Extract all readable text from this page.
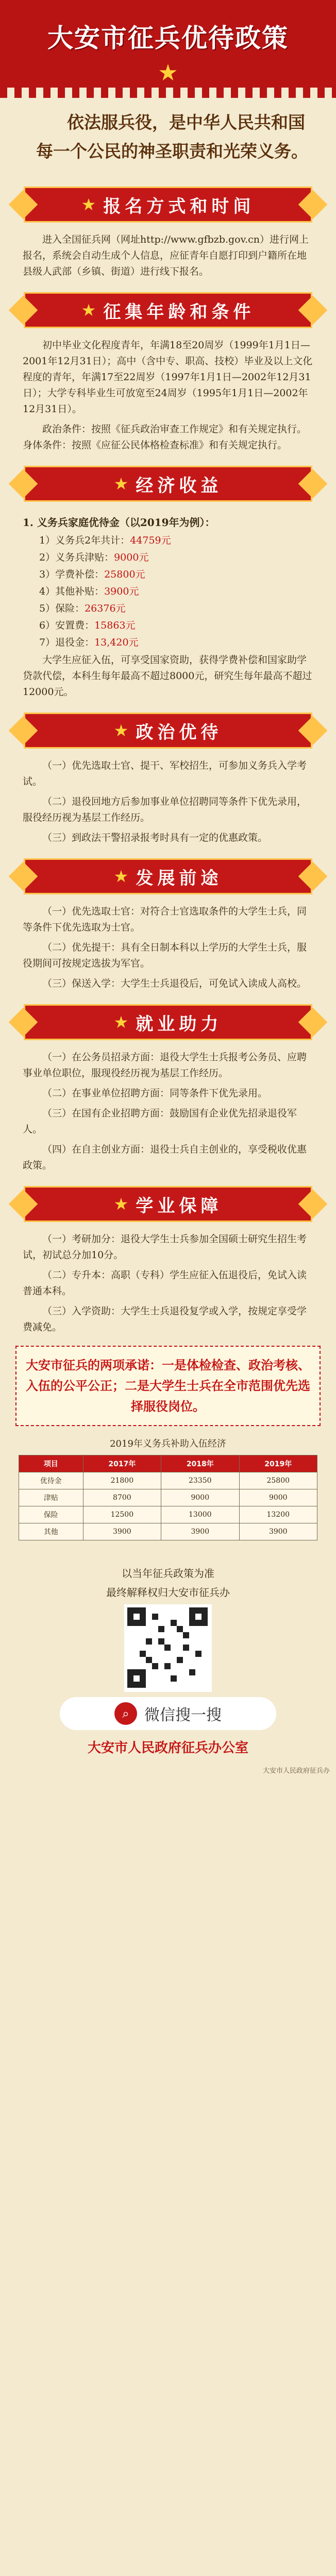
大安市征兵优待政策
★
依法服兵役，是中华人民共和国每一个公民的神圣职责和光荣义务。
★ 报名方式和时间

进入全国征兵网（网址http://www.gfbzb.gov.cn）进行网上报名，系统会自动生成个人信息，应征青年自愿打印到户籍所在地县级人武部（乡镇、街道）进行线下报名。

★ 征集年龄和条件

初中毕业文化程度青年，年满18至20周岁（1999年1月1日—2001年12月31日）；高中（含中专、职高、技校）毕业及以上文化程度的青年，年满17至22周岁（1997年1月1日—2002年12月31日）；大学专科毕业生可放宽至24周岁（1995年1月1日—2002年12月31日）。

政治条件：按照《征兵政治审查工作规定》和有关规定执行。身体条件：按照《应征公民体格检查标准》和有关规定执行。

★ 经济收益
1. 义务兵家庭优待金（以2019年为例）：
1）义务兵2年共计：44759元
2）义务兵津贴：9000元
3）学费补偿：25800元
4）其他补贴：3900元
5）保险：26376元
6）安置费：15863元
7）退役金：13,420元

大学生应征入伍，可享受国家资助，获得学费补偿和国家助学贷款代偿，本科生每年最高不超过8000元，研究生每年最高不超过12000元。

★ 政治优待

（一）优先选取士官、提干、军校招生，可参加义务兵入学考试。

（二）退役回地方后参加事业单位招聘同等条件下优先录用，服役经历视为基层工作经历。

（三）到政法干警招录报考时具有一定的优惠政策。

★ 发展前途

（一）优先选取士官：对符合士官选取条件的大学生士兵，同等条件下优先选取为士官。

（二）优先提干：具有全日制本科以上学历的大学生士兵，服役期间可按规定选拔为军官。

（三）保送入学：大学生士兵退役后，可免试入读成人高校。

★ 就业助力

（一）在公务员招录方面：退役大学生士兵报考公务员、应聘事业单位职位，服现役经历视为基层工作经历。

（二）在事业单位招聘方面：同等条件下优先录用。

（三）在国有企业招聘方面：鼓励国有企业优先招录退役军人。

（四）在自主创业方面：退役士兵自主创业的，享受税收优惠政策。

★ 学业保障

（一）考研加分：退役大学生士兵参加全国硕士研究生招生考试，初试总分加10分。

（二）专升本：高职（专科）学生应征入伍退役后，免试入读普通本科。

（三）入学资助：大学生士兵退役复学或入学，按规定享受学费减免。

大安市征兵的两项承诺：一是体检检查、政治考核、入伍的公平公正；二是大学生士兵在全市范围优先选择服役岗位。
2019年义务兵补助入伍经济
项目	2017年	2018年	2019年
优待金	21800	23350	25800
津贴	8700	9000	9000
保险	12500	13000	13200
其他	3900	3900	3900
以当年征兵政策为准
最终解释权归大安市征兵办
⌕ 微信搜一搜
大安市人民政府征兵办公室
大安市人民政府征兵办
